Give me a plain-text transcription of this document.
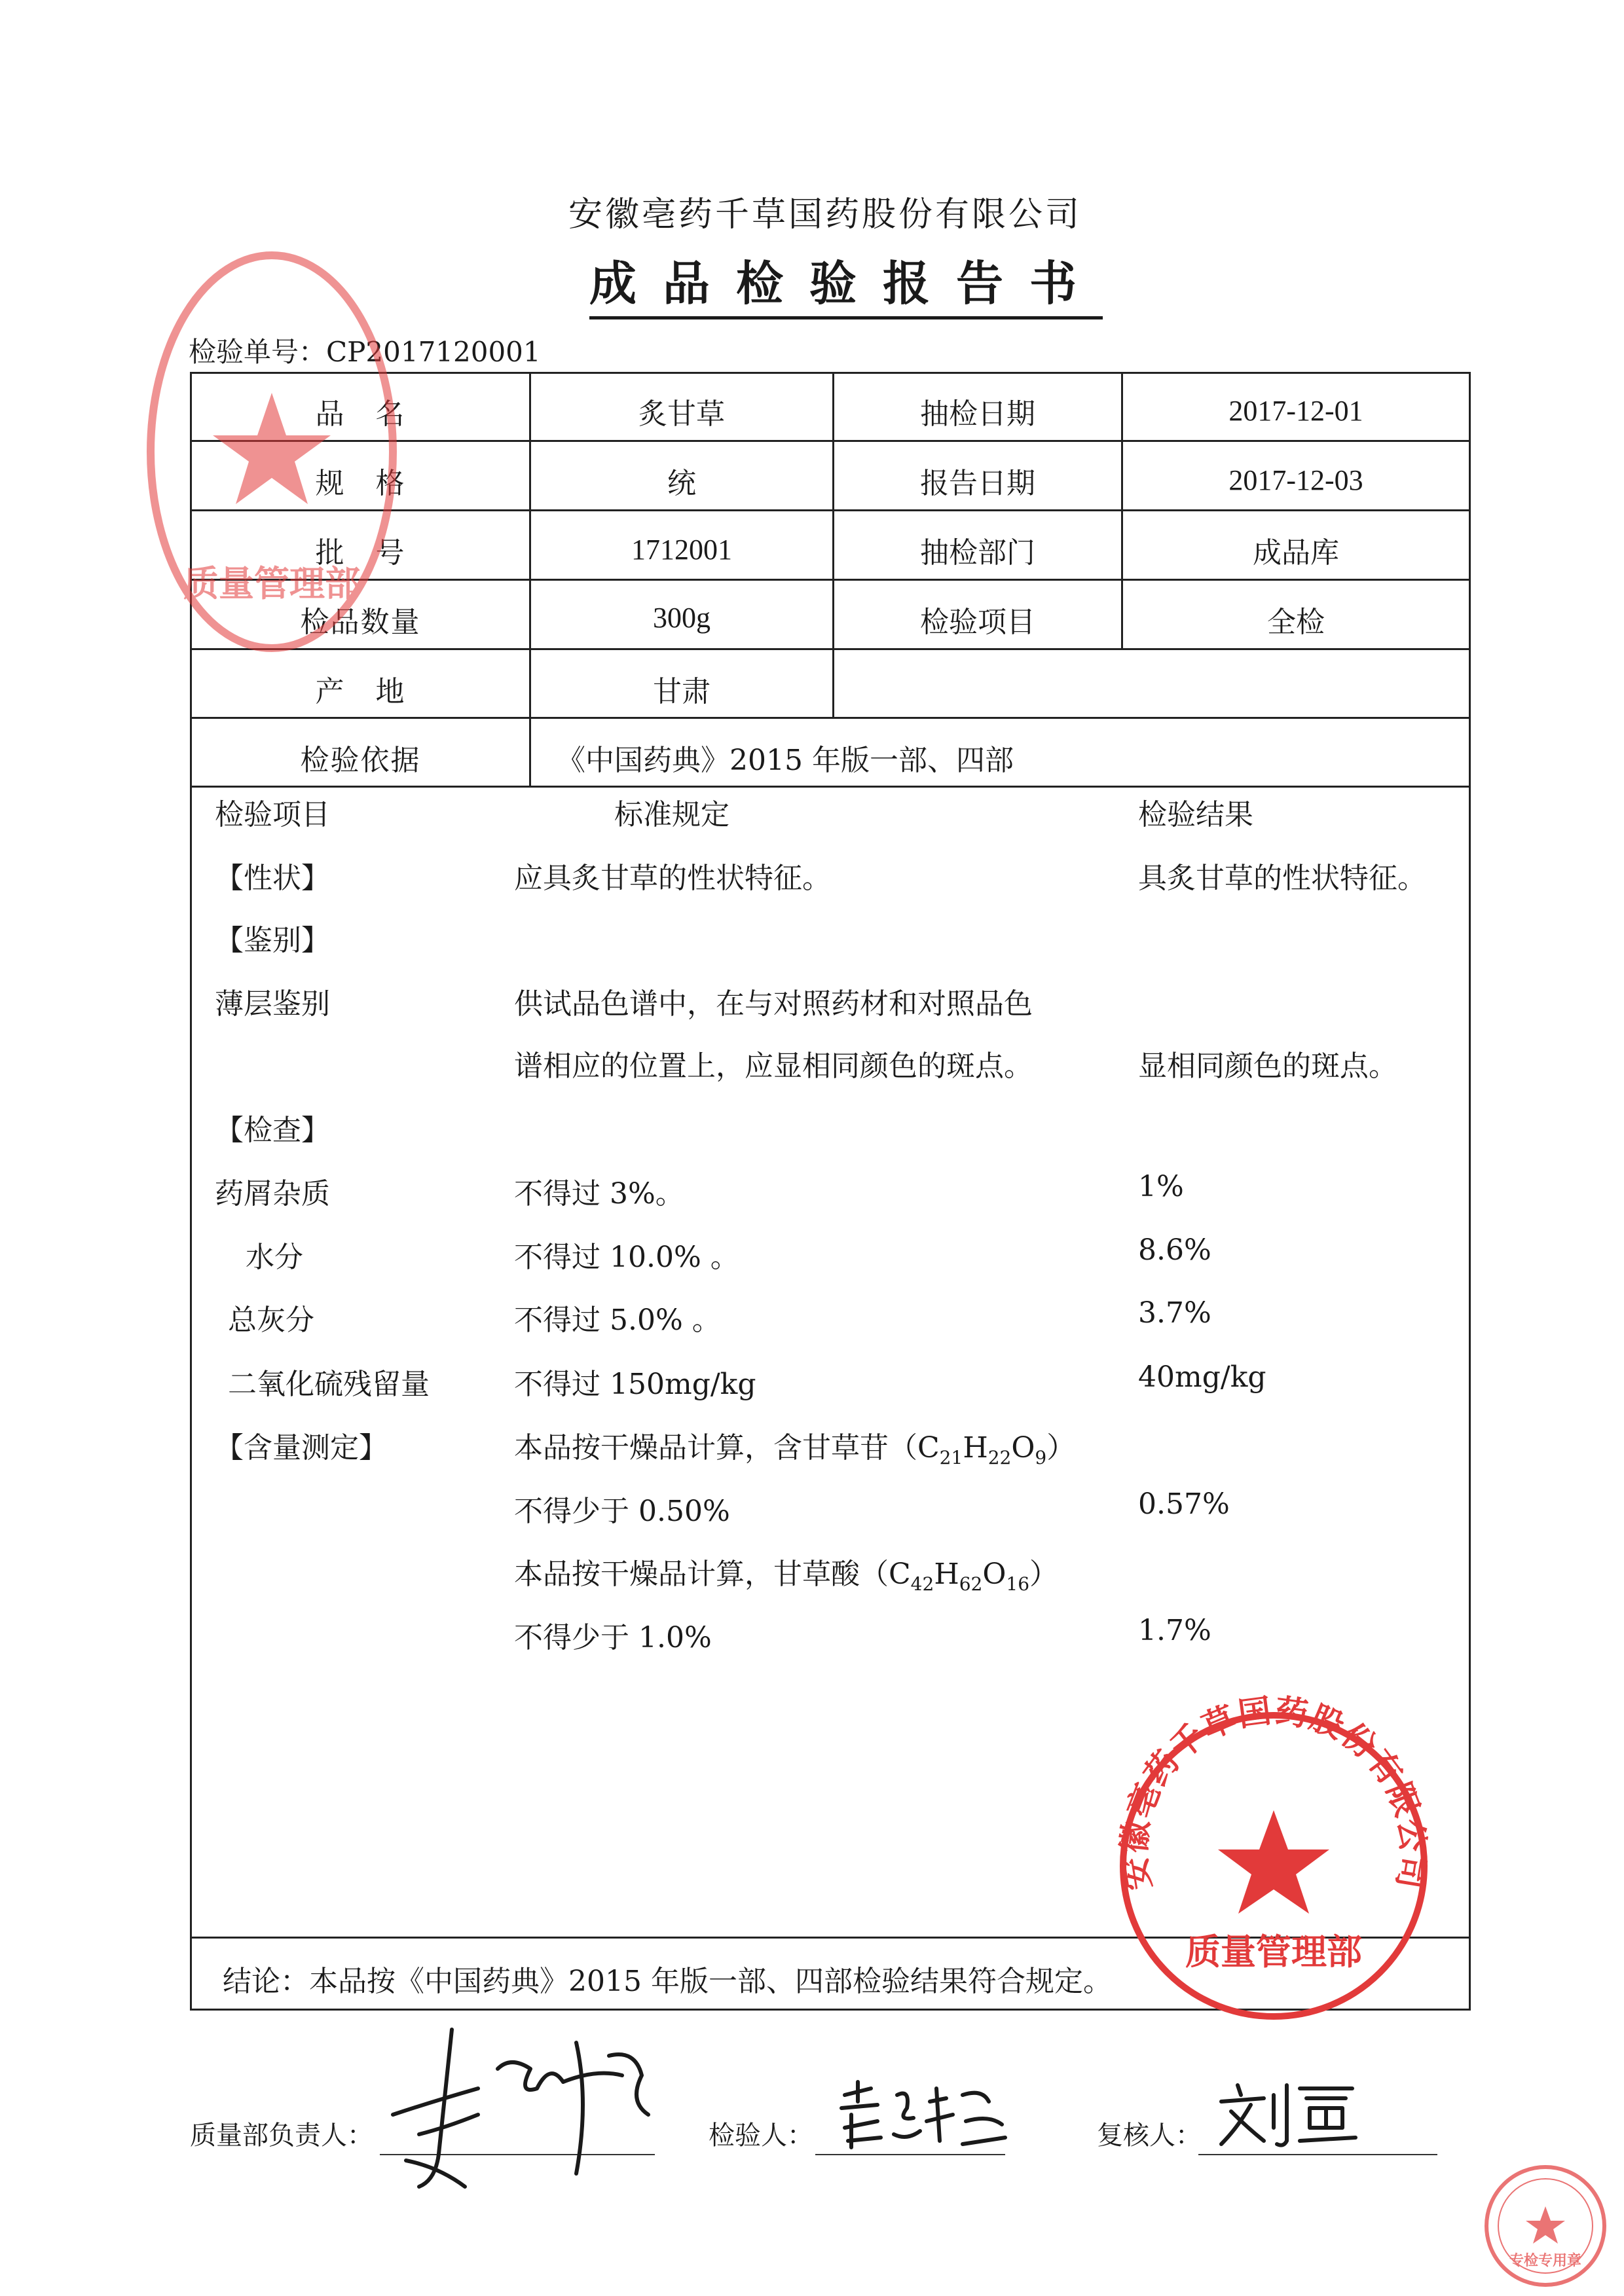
安徽亳药千草国药股份有限公司
成品检验报告书
检验单号：CP2017120001
品　名	炙甘草	抽检日期	2017-12-01
规　格	统	报告日期	2017-12-03
批　号	1712001	抽检部门	成品库
检品数量	300g	检验项目	全检
产　地	甘肃
检验依据	《中国药典》2015 年版一部、四部
检验项目	标准规定	检验结果
【性状】	应具炙甘草的性状特征。	具炙甘草的性状特征。
【鉴别】
薄层鉴别	供试品色谱中，在与对照药材和对照品色
谱相应的位置上，应显相同颜色的斑点。	显相同颜色的斑点。
【检查】
药屑杂质	不得过 3%。	1%
水分	不得过 10.0% 。	8.6%
总灰分	不得过 5.0% 。	3.7%
二氧化硫残留量	不得过 150mg/kg	40mg/kg
【含量测定】	本品按干燥品计算，含甘草苷$(C_{21}H_{22}O_9)$
不得少于 0.50%	0.57%
本品按干燥品计算，甘草酸$(C_{42}H_{62}O_{16})$
不得少于 1.0%	1.7%
结论：本品按《中国药典》2015 年版一部、四部检验结果符合规定。
质量部负责人：	检验人：	复核人：
质量管理部
安徽亳药千草国药股份有限公司
质量管理部
专检专用章
